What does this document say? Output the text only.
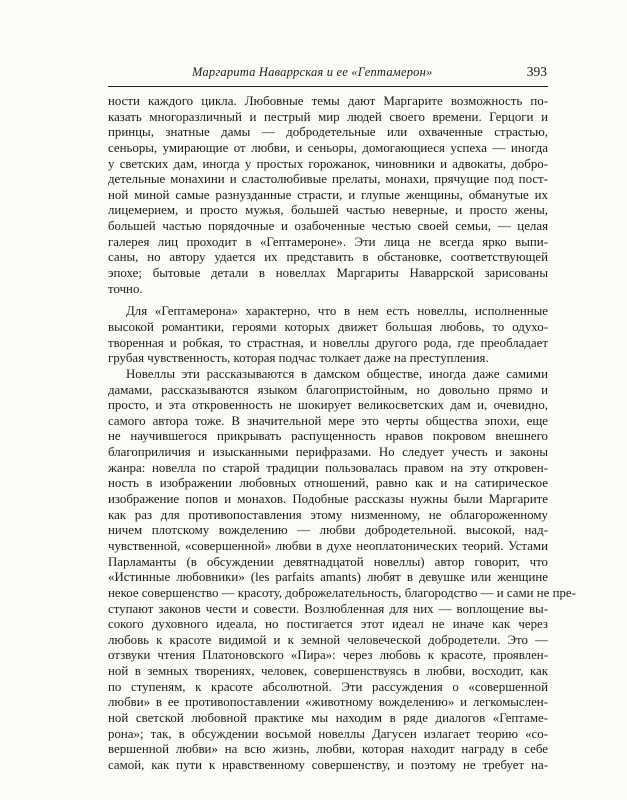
Маргарита Наваррская и ее «Гептамерон»	393
ности каждого цикла. Любовные темы дают Маргарите возможность по-
казать многоразличный и пестрый мир людей своего времени. Герцоги и
принцы, знатные дамы — добродетельные или охваченные страстью,
сеньоры, умирающие от любви, и сеньоры, домогающиеся успеха — иногда
у светских дам, иногда у простых горожанок, чиновники и адвокаты, добро-
детельные монахини и сластолюбивые прелаты, монахи, прячущие под пост-
ной миной самые разнузданные страсти, и глупые женщины, обманутые их
лицемерием, и просто мужья, большей частью неверные, и просто жены,
большей частью порядочные и озабоченные честью своей семьи, — целая
галерея лиц проходит в «Гептамероне». Эти лица не всегда ярко выпи-
саны, но автору удается их представить в обстановке, соответствующей
эпохе; бытовые детали в новеллах Маргариты Наваррской зарисованы
точно.
Для «Гептамерона» характерно, что в нем есть новеллы, исполненные
высокой романтики, героями которых движет большая любовь, то одухо-
творенная и робкая, то страстная, и новеллы другого рода, где преобладает
грубая чувственность, которая подчас толкает даже на преступления.
Новеллы эти рассказываются в дамском обществе, иногда даже самими
дамами, рассказываются языком благопристойным, но довольно прямо и
просто, и эта откровенность не шокирует великосветских дам и, очевидно,
самого автора тоже. В значительной мере это черты общества эпохи, еще
не научившегося прикрывать распущенность нравов покровом внешнего
благоприличия и изысканными перифразами. Но следует учесть и законы
жанра: новелла по старой традиции пользовалась правом на эту откровен-
ность в изображении любовных отношений, равно как и на сатирическое
изображение попов и монахов. Подобные рассказы нужны были Маргарите
как раз для противопоставления этому низменному, не облагороженному
ничем плотскому вожделению — любви добродетельной. высокой, над-
чувственной, «совершенной» любви в духе неоплатонических теорий. Устами
Парламанты (в обсуждении девятнадцатой новеллы) автор говорит, что
«Истинные любовники» (les parfaits amants) любят в девушке или женщине
некое совершенство — красоту, доброжелательность, благородство — и сами не пре-
ступают законов чести и совести. Возлюбленная для них — воплощение вы-
сокого духовного идеала, но постигается этот идеал не иначе как через
любовь к красоте видимой и к земной человеческой добродетели. Это —
отзвуки чтения Платоновского «Пира»: через любовь к красоте, проявлен-
ной в земных творениях, человек, совершенствуясь в любви, восходит, как
по ступеням, к красоте абсолютной. Эти рассуждения о «совершенной
любви» в ее противопоставлении «животному вожделению» и легкомыслен-
ной светской любовной практике мы находим в ряде диалогов «Гептаме-
рона»; так, в обсуждении восьмой новеллы Дагусен излагает теорию «со-
вершенной любви» на всю жизнь, любви, которая находит награду в себе
самой, как пути к нравственному совершенству, и поэтому не требует на-
